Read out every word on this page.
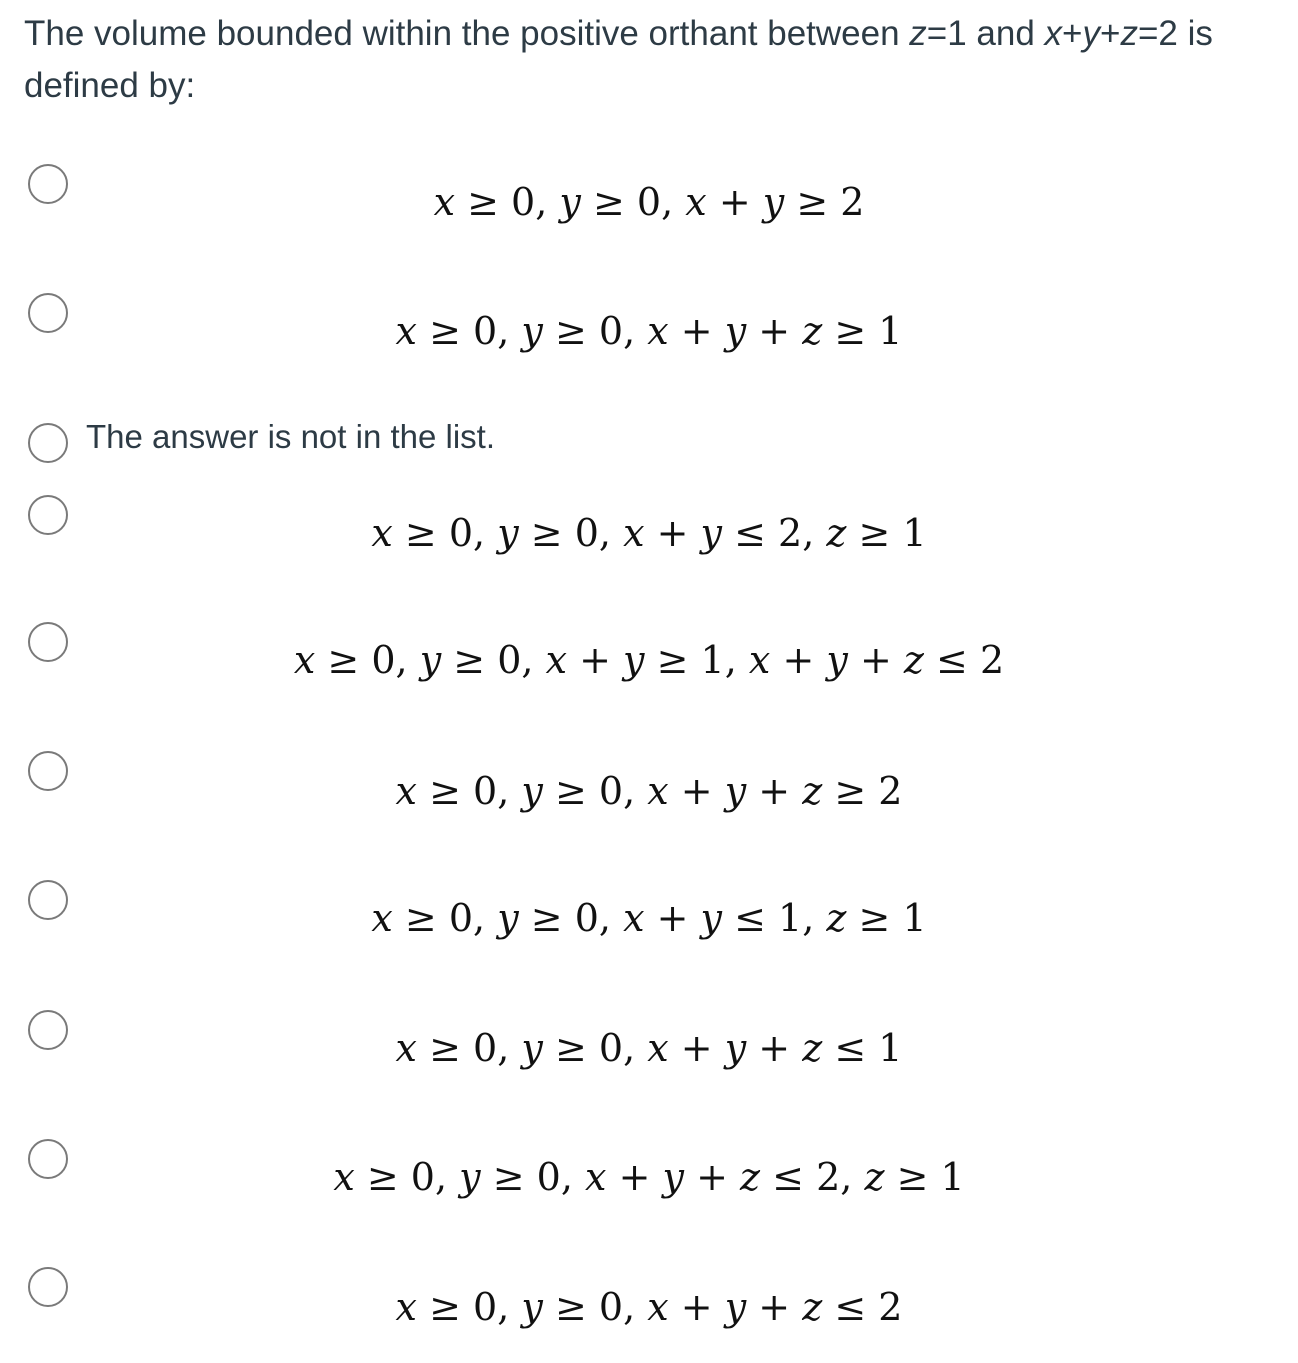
The volume bounded within the positive orthant between z=1 and x+y+z=2 is
defined by:
x ≥ 0, y ≥ 0, x + y ≥ 2
x ≥ 0, y ≥ 0, x + y + z ≥ 1
The answer is not in the list.
x ≥ 0, y ≥ 0, x + y ≤ 2, z ≥ 1
x ≥ 0, y ≥ 0, x + y ≥ 1, x + y + z ≤ 2
x ≥ 0, y ≥ 0, x + y + z ≥ 2
x ≥ 0, y ≥ 0, x + y ≤ 1, z ≥ 1
x ≥ 0, y ≥ 0, x + y + z ≤ 1
x ≥ 0, y ≥ 0, x + y + z ≤ 2, z ≥ 1
x ≥ 0, y ≥ 0, x + y + z ≤ 2
